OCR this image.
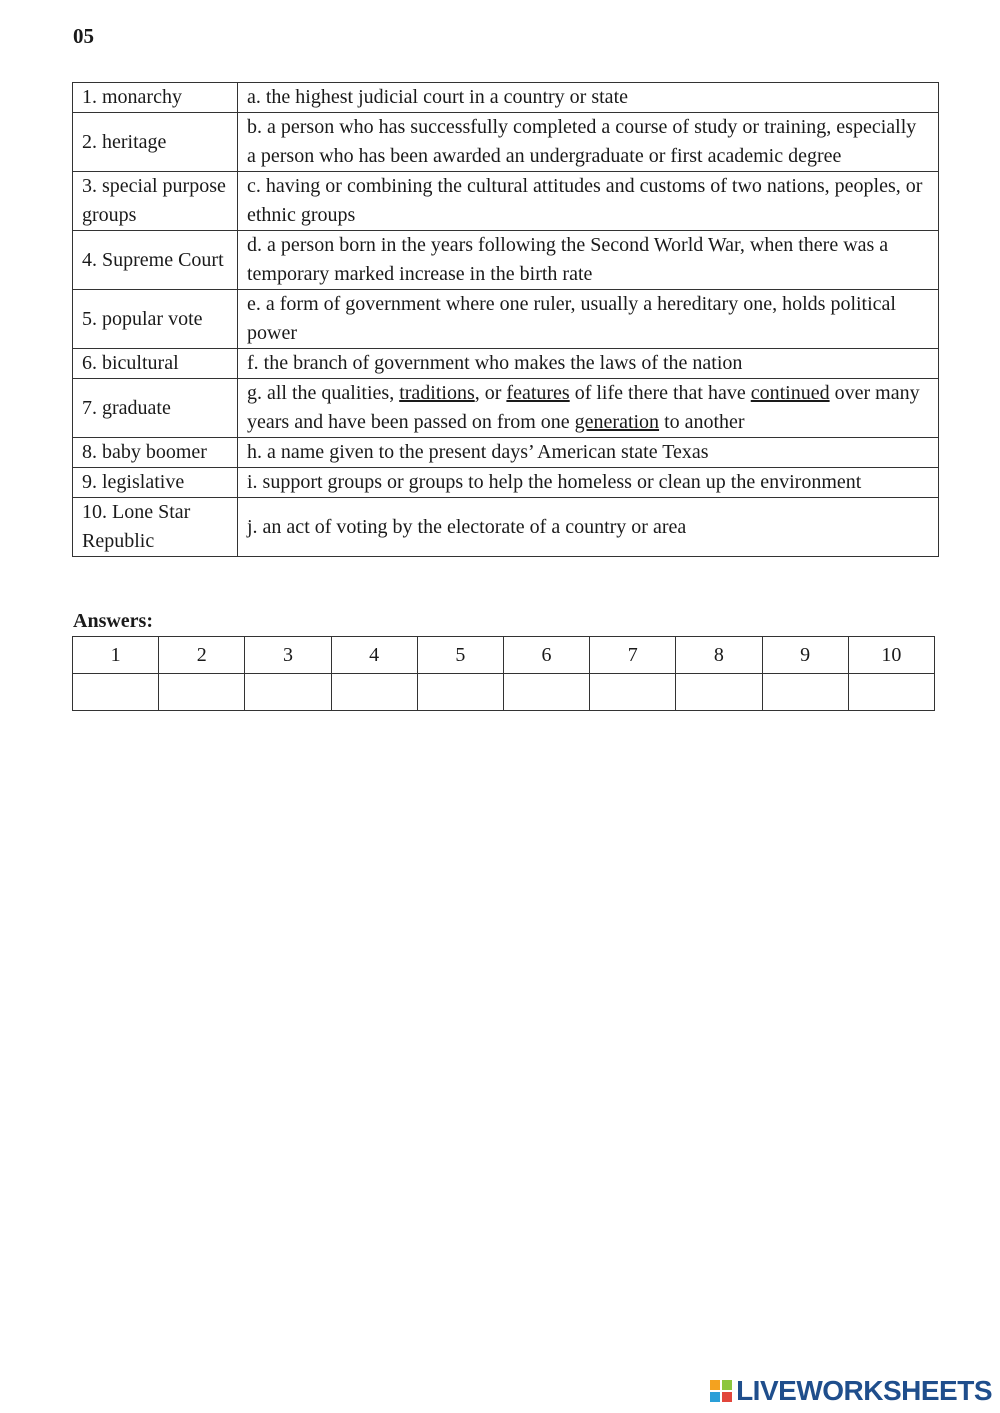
05
1. monarchy	a. the highest judicial court in a country or state
2. heritage	b. a person who has successfully completed a course of study or training, especially a person who has been awarded an undergraduate or first academic degree
3. special purpose groups	c. having or combining the cultural attitudes and customs of two nations, peoples, or ethnic groups
4. Supreme Court	d. a person born in the years following the Second World War, when there was a temporary marked increase in the birth rate
5. popular vote	e. a form of government where one ruler, usually a hereditary one, holds political power
6. bicultural	f. the branch of government who makes the laws of the nation
7. graduate	g. all the qualities, traditions, or features of life there that have continued over many years and have been passed on from one generation to another
8. baby boomer	h. a name given to the present days’ American state Texas
9. legislative	i. support groups or groups to help the homeless or clean up the environment
10. Lone Star Republic	j. an act of voting by the electorate of a country or area
Answers:
1	2	3	4	5	6	7	8	9	10

LIVEWORKSHEETS
